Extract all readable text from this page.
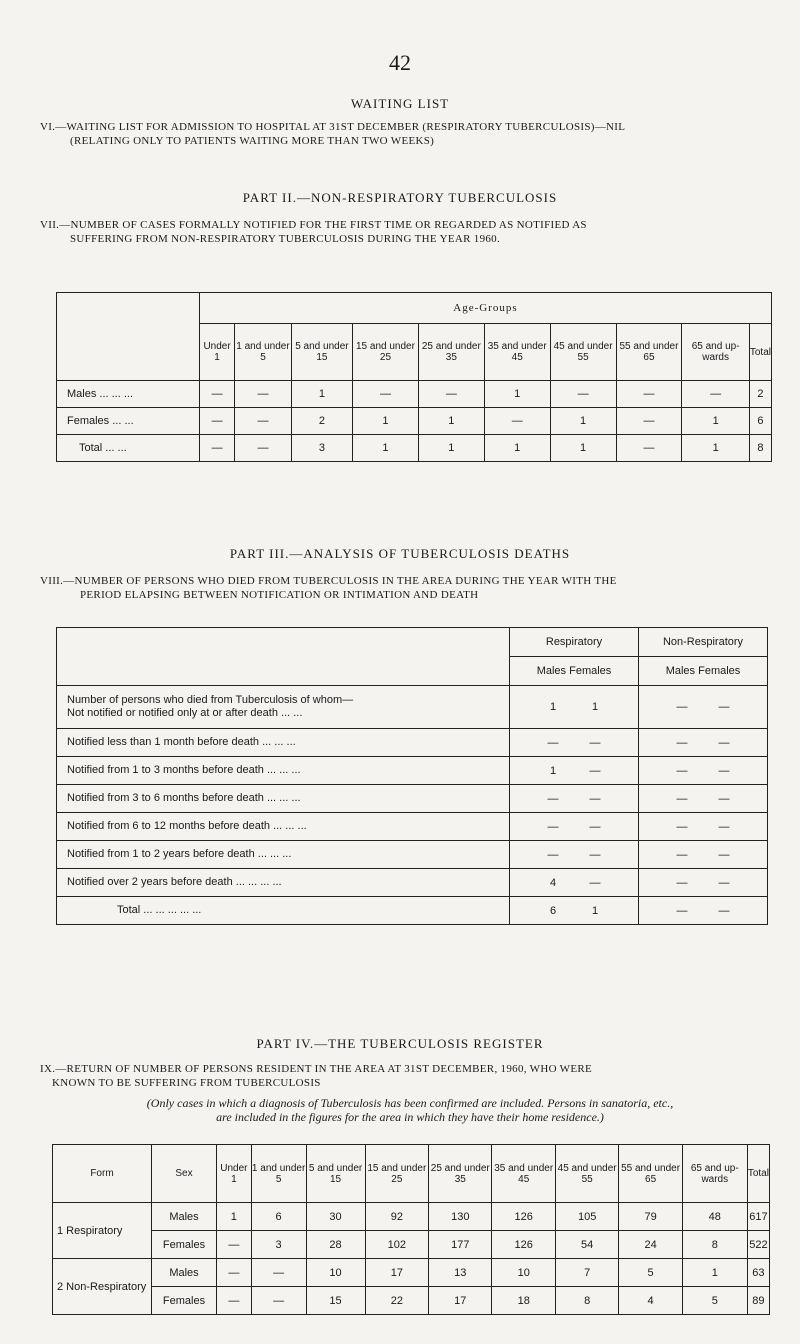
42
WAITING LIST
VI.—WAITING LIST FOR ADMISSION TO HOSPITAL AT 31ST DECEMBER (RESPIRATORY TUBERCULOSIS)—NIL
(RELATING ONLY TO PATIENTS WAITING MORE THAN TWO WEEKS)
PART II.—NON-RESPIRATORY TUBERCULOSIS
VII.—NUMBER OF CASES FORMALLY NOTIFIED FOR THE FIRST TIME OR REGARDED AS NOTIFIED AS
SUFFERING FROM NON-RESPIRATORY TUBERCULOSIS DURING THE YEAR 1960.
	Age-Groups									
	Under 1	1 and under 5	5 and under 15	15 and under 25	25 and under 35	35 and under 45	45 and under 55	55 and under 65	65 and up-wards	Total
Males ... ... ...	—	—	1	—	—	1	—	—	—	2
Females ... ...	—	—	2	1	1	—	1	—	1	6
Total ... ...	—	—	3	1	1	1	1	—	1	8
PART III.—ANALYSIS OF TUBERCULOSIS DEATHS
VIII.—NUMBER OF PERSONS WHO DIED FROM TUBERCULOSIS IN THE AREA DURING THE YEAR WITH THE
PERIOD ELAPSING BETWEEN NOTIFICATION OR INTIMATION AND DEATH
	Respiratory	Non-Respiratory
	Males Females	Males Females
Number of persons who died from Tuberculosis of whom—
Not notified or notified only at or after death ... ...	1 1	— —
Notified less than 1 month before death ... ... ...	— —	— —
Notified from 1 to 3 months before death ... ... ...	1 —	— —
Notified from 3 to 6 months before death ... ... ...	— —	— —
Notified from 6 to 12 months before death ... ... ...	— —	— —
Notified from 1 to 2 years before death ... ... ...	— —	— —
Notified over 2 years before death ... ... ... ...	4 —	— —
Total ... ... ... ... ...	6 1	— —
PART IV.—THE TUBERCULOSIS REGISTER
IX.—RETURN OF NUMBER OF PERSONS RESIDENT IN THE AREA AT 31ST DECEMBER, 1960, WHO WERE
KNOWN TO BE SUFFERING FROM TUBERCULOSIS
(Only cases in which a diagnosis of Tuberculosis has been confirmed are included. Persons in sanatoria, etc.,
are included in the figures for the area in which they have their home residence.)
Form	Sex	Under 1	1 and under 5	5 and under 15	15 and under 25	25 and under 35	35 and under 45	45 and under 55	55 and under 65	65 and up-wards	Total
1 Respiratory	Males	1	6	30	92	130	126	105	79	48	617
	Females	—	3	28	102	177	126	54	24	8	522
2 Non-Respiratory	Males	—	—	10	17	13	10	7	5	1	63
	Females	—	—	15	22	17	18	8	4	5	89
